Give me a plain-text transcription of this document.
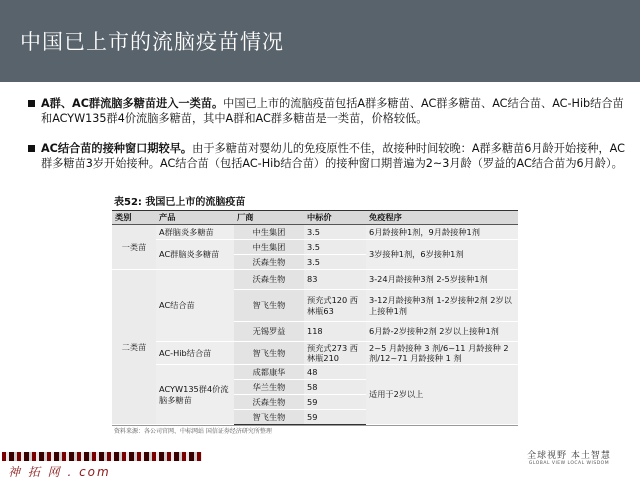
中国已上市的流脑疫苗情况
A群、AC群流脑多糖苗进入一类苗。中国已上市的流脑疫苗包括A群多糖苗、AC群多糖苗、AC结合苗、AC-Hib结合苗和ACYW135群4价流脑多糖苗，其中A群和AC群多糖苗是一类苗，价格较低。
AC结合苗的接种窗口期较早。由于多糖苗对婴幼儿的免疫原性不佳，故接种时间较晚：A群多糖苗6月龄开始接种，AC群多糖苗3岁开始接种。AC结合苗（包括AC-Hib结合苗）的接种窗口期普遍为2~3月龄（罗益的AC结合苗为6月龄）。
表52: 我国已上市的流脑疫苗
类别	产品	厂商	中标价	免疫程序
一类苗	A群脑炎多糖苗	中生集团	3.5	6月龄接种1剂，9月龄接种1剂
	AC群脑炎多糖苗	中生集团	3.5	3岁接种1剂，6岁接种1剂
		沃森生物	3.5	
二类苗	AC结合苗	沃森生物	83	3-24月龄接种3剂 2-5岁接种1剂
		智飞生物	预充式120 西林瓶63	3-12月龄接种3剂 1-2岁接种2剂 2岁以上接种1剂
		无锡罗益	118	6月龄-2岁接种2剂 2岁以上接种1剂
	AC-Hib结合苗	智飞生物	预充式273 西林瓶210	2~5 月龄接种 3 剂/6~11 月龄接种 2 剂/12~71 月龄接种 1 剂
	ACYW135群4价流脑多糖苗	成都康华	48	适用于2岁以上
		华兰生物	58	
		沃森生物	59	
		智飞生物	59	
资料来源：各公司官网、中标网站 国信证券经济研究所整理
全球视野 本土智慧
GLOBAL VIEW LOCAL WISDOM
神 拓 网 . com
